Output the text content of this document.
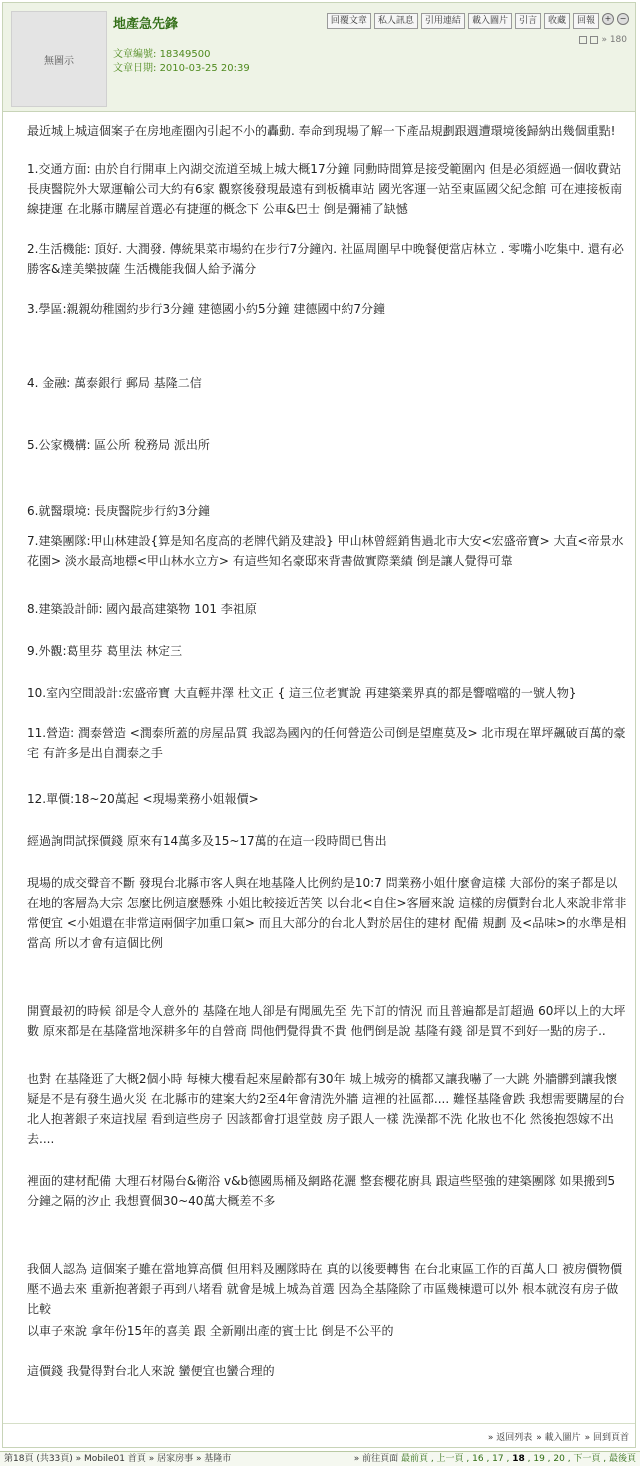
無圖示
地產急先鋒
文章編號: 18349500
文章日期: 2010-03-25 20:39
回覆文章	私人訊息	引用連結	載入圖片	引言	收藏	回報	+	−
» 180

最近城上城這個案子在房地產圈內引起不小的轟動. 奉命到現場了解一下產品規劃跟週遭環境後歸納出幾個重點!

1.交通方面: 由於自行開車上內湖交流道至城上城大概17分鐘 同勳時間算是接受範圍內 但是必須經過一個收費站 長庚醫院外大眾運輸公司大約有6家 觀察後發現最遠有到板橋車站 國光客運一站至東區國父紀念館 可在連接板南線捷運 在北縣市購屋首選必有捷運的概念下 公車&巴士 倒是彌補了缺憾

2.生活機能: 頂好. 大潤發. 傳統果菜市場約在步行7分鐘內. 社區周圍早中晚餐便當店林立 . 零嘴小吃集中. 還有必勝客&達美樂披薩 生活機能我個人給予滿分

3.學區:親親幼稚園約步行3分鐘 建德國小約5分鐘 建德國中約7分鐘

4. 金融: 萬泰銀行 郵局 基隆二信

5.公家機構: 區公所 稅務局 派出所

6.就醫環境: 長庚醫院步行約3分鐘

7.建築團隊:甲山林建設{算是知名度高的老牌代銷及建設} 甲山林曾經銷售過北市大安<宏盛帝寶> 大直<帝景水花園> 淡水最高地標<甲山林水立方> 有這些知名豪邸來背書做實際業績 倒是讓人覺得可靠

8.建築設計師: 國內最高建築物 101 李祖原

9.外觀:葛里芬 葛里法 林定三

10.室內空間設計:宏盛帝寶 大直輕井澤 杜文正 { 這三位老實說 再建築業界真的都是響噹噹的一號人物}

11.營造: 潤泰營造 <潤泰所蓋的房屋品質 我認為國內的任何營造公司倒是望塵莫及> 北市現在單坪飆破百萬的豪宅 有許多是出自潤泰之手

12.單價:18~20萬起 <現場業務小姐報價>

經過詢問試探價錢 原來有14萬多及15~17萬的在這一段時間已售出

現場的成交聲音不斷 發現台北縣市客人與在地基隆人比例約是10:7 問業務小姐什麼會這樣 大部份的案子都是以在地的客層為大宗 怎麼比例這麼懸殊 小姐比較接近苦笑 以台北<自住>客層來說 這樣的房價對台北人來說非常非常便宜 <小姐還在非常這兩個字加重口氣> 而且大部分的台北人對於居住的建材 配備 規劃 及<品味>的水準是相當高 所以才會有這個比例

開賣最初的時候 卻是令人意外的 基隆在地人卻是有聞風先至 先下訂的情況 而且普遍都是訂超過 60坪以上的大坪數 原來都是在基隆當地深耕多年的自營商 問他們覺得貴不貴 他們倒是說 基隆有錢 卻是買不到好一點的房子..

也對 在基隆逛了大概2個小時 每棟大樓看起來屋齡都有30年 城上城旁的橋都又讓我嚇了一大跳 外牆髒到讓我懷疑是不是有發生過火災 在北縣市的建案大約2至4年會清洗外牆 這裡的社區都.... 難怪基隆會跌 我想需要購屋的台北人抱著銀子來這找屋 看到這些房子 因該都會打退堂鼓 房子跟人一樣 洗澡都不洗 化妝也不化 然後抱怨嫁不出去....

裡面的建材配備 大理石材陽台&衛浴 v&b德國馬桶及網路花灑 整套櫻花廚具 跟這些堅強的建築團隊 如果搬到5分鐘之隔的汐止 我想賣個30~40萬大概差不多

我個人認為 這個案子雖在當地算高價 但用料及團隊時在 真的以後要轉售 在台北東區工作的百萬人口 被房價物價壓不過去來 重新抱著銀子再到八堵看 就會是城上城為首選 因為全基隆除了市區幾棟還可以外 根本就沒有房子做比較

以車子來說 拿年份15年的喜美 跟 全新剛出產的賓士比 倒是不公平的

這價錢 我覺得對台北人來說 蠻便宜也蠻合理的

» 返回列表 » 載入圖片 » 回到頁首
第18頁 (共33頁) » Mobile01 首頁 » 居家房事 » 基隆市	» 前往頁面 最前頁 , 上一頁 , 16 , 17 , 18 , 19 , 20 , 下一頁 , 最後頁
